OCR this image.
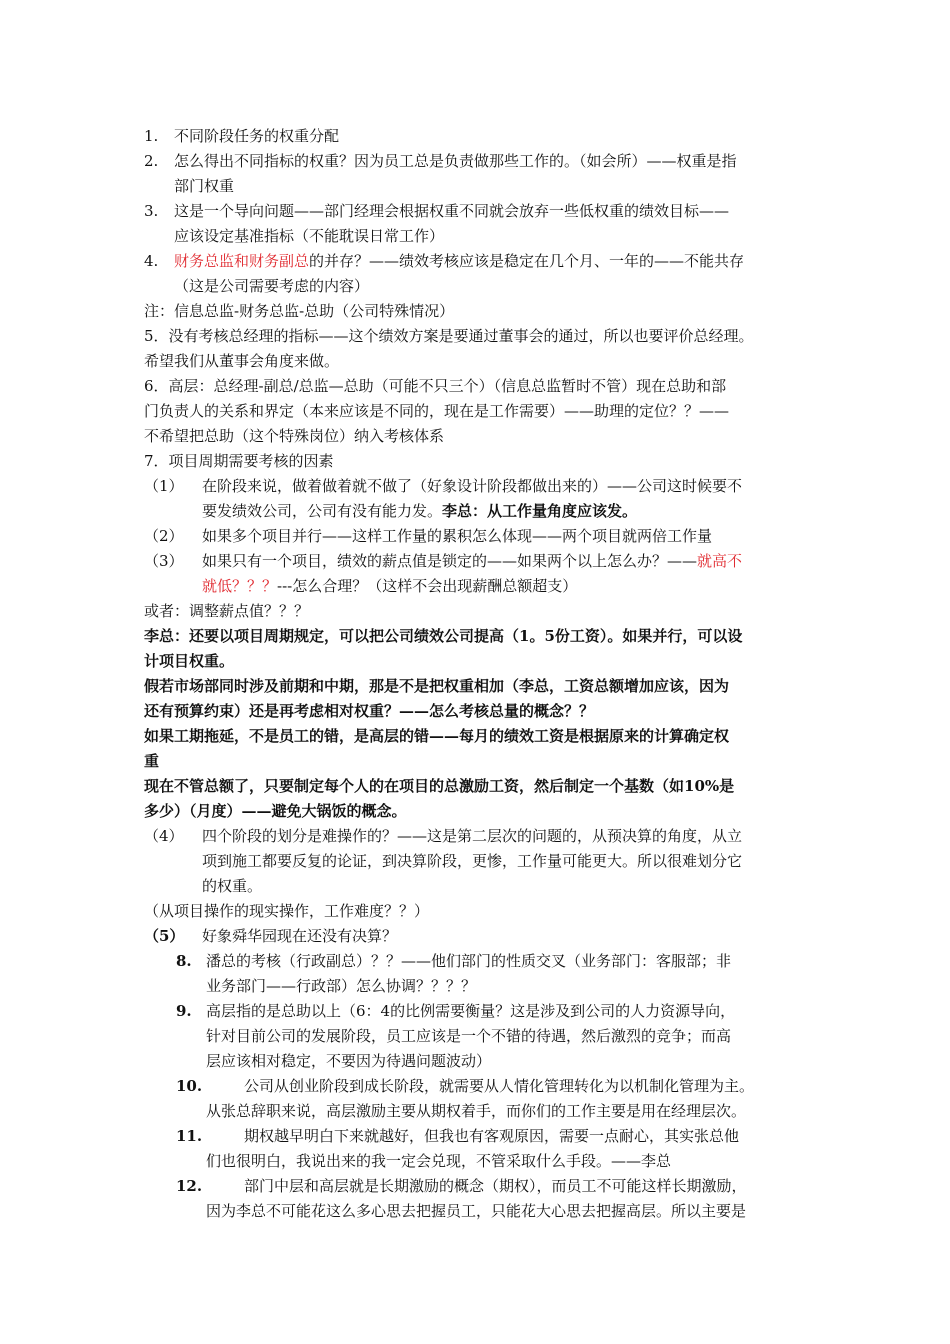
1. 不同阶段任务的权重分配
2. 怎么得出不同指标的权重？因为员工总是负责做那些工作的。（如会所）——权重是指
部门权重
3. 这是一个导向问题——部门经理会根据权重不同就会放弃一些低权重的绩效目标——
应该设定基准指标（不能耽误日常工作）
4. 财务总监和财务副总的并存？——绩效考核应该是稳定在几个月、一年的——不能共存
（这是公司需要考虑的内容）
注：信息总监-财务总监-总助（公司特殊情况）
5．没有考核总经理的指标——这个绩效方案是要通过董事会的通过，所以也要评价总经理。
希望我们从董事会角度来做。
6．高层：总经理-副总/总监—总助（可能不只三个）（信息总监暂时不管）现在总助和部
门负责人的关系和界定（本来应该是不同的，现在是工作需要）——助理的定位？？——
不希望把总助（这个特殊岗位）纳入考核体系
7．项目周期需要考核的因素
（1） 在阶段来说，做着做着就不做了（好象设计阶段都做出来的）——公司这时候要不
要发绩效公司，公司有没有能力发。李总：从工作量角度应该发。
（2） 如果多个项目并行——这样工作量的累积怎么体现——两个项目就两倍工作量
（3） 如果只有一个项目，绩效的薪点值是锁定的——如果两个以上怎么办？——就高不
就低？？？---怎么合理？（这样不会出现薪酬总额超支）
或者：调整薪点值？？？
李总：还要以项目周期规定，可以把公司绩效公司提高（1。5份工资）。如果并行，可以设
计项目权重。
假若市场部同时涉及前期和中期，那是不是把权重相加（李总，工资总额增加应该，因为
还有预算约束）还是再考虑相对权重？——怎么考核总量的概念？？
如果工期拖延，不是员工的错，是高层的错——每月的绩效工资是根据原来的计算确定权
重
现在不管总额了，只要制定每个人的在项目的总激励工资，然后制定一个基数（如10%是
多少）（月度）——避免大锅饭的概念。
（4） 四个阶段的划分是难操作的？——这是第二层次的问题的，从预决算的角度，从立
项到施工都要反复的论证，到决算阶段，更惨，工作量可能更大。所以很难划分它
的权重。
（从项目操作的现实操作，工作难度？？）
（5） 好象舜华园现在还没有决算？
8. 潘总的考核（行政副总）？？——他们部门的性质交叉（业务部门：客服部；非
业务部门——行政部）怎么协调？？？？
9. 高层指的是总助以上（6：4的比例需要衡量？这是涉及到公司的人力资源导向，
针对目前公司的发展阶段，员工应该是一个不错的待遇，然后激烈的竞争；而高
层应该相对稳定，不要因为待遇问题波动）
10.	公司从创业阶段到成长阶段，就需要从人情化管理转化为以机制化管理为主。
从张总辞职来说，高层激励主要从期权着手，而你们的工作主要是用在经理层次。
11.	期权越早明白下来就越好，但我也有客观原因，需要一点耐心，其实张总他
们也很明白，我说出来的我一定会兑现，不管采取什么手段。——李总
12.	部门中层和高层就是长期激励的概念（期权），而员工不可能这样长期激励，
因为李总不可能花这么多心思去把握员工，只能花大心思去把握高层。所以主要是
